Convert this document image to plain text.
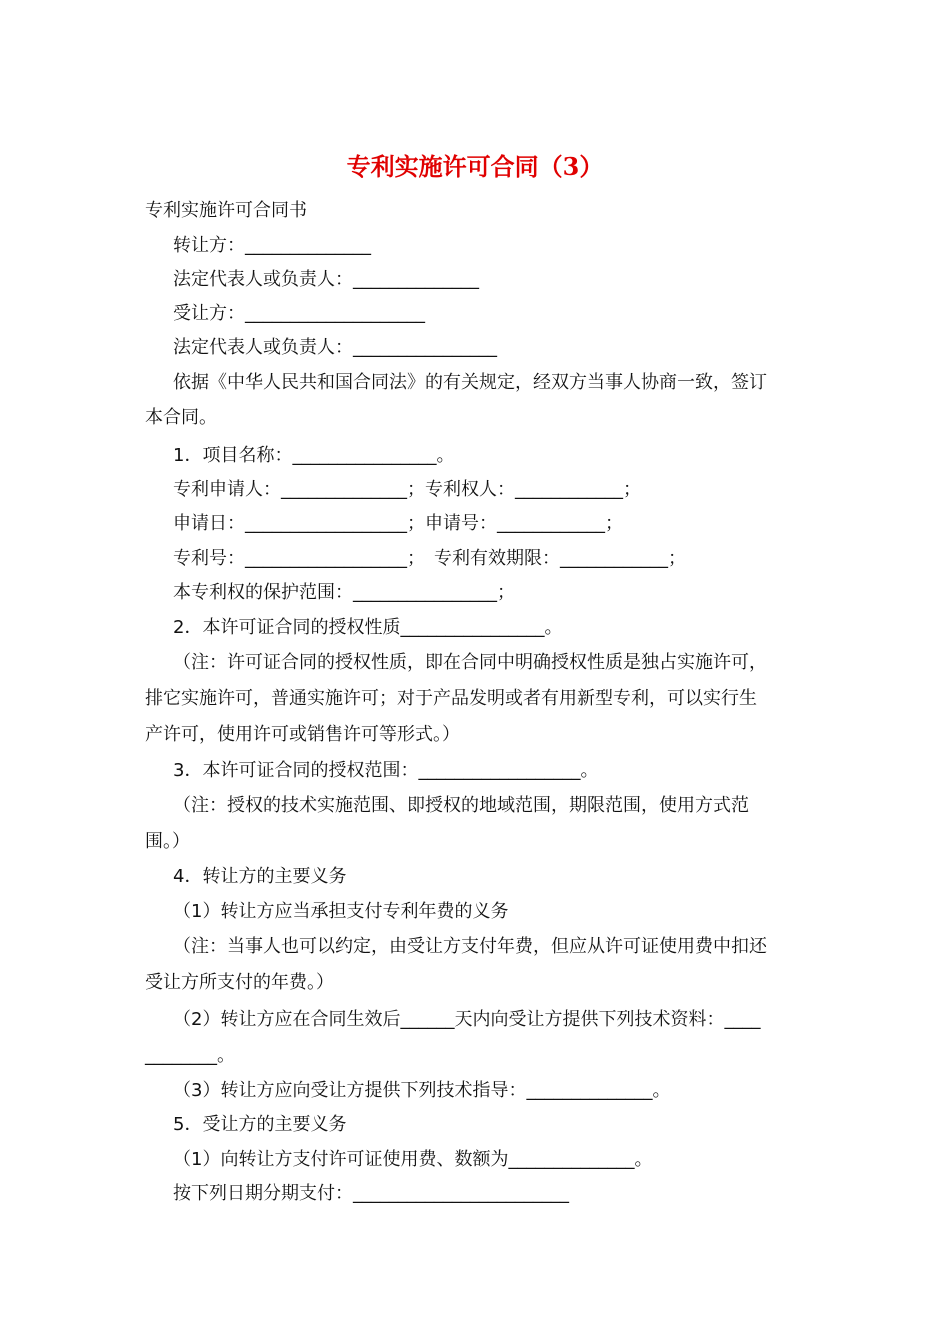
专利实施许可合同（3）
专利实施许可合同书
转让方：______________
法定代表人或负责人：______________
受让方：____________________
法定代表人或负责人：________________
依据《中华人民共和国合同法》的有关规定，经双方当事人协商一致，签订
本合同。
1．项目名称：________________。
专利申请人：______________；专利权人：____________；
申请日：__________________；申请号：____________；
专利号：__________________；　专利有效期限：____________；
本专利权的保护范围：________________；
2．本许可证合同的授权性质________________。
（注：许可证合同的授权性质，即在合同中明确授权性质是独占实施许可，
排它实施许可，普通实施许可；对于产品发明或者有用新型专利，可以实行生
产许可，使用许可或销售许可等形式。）
3．本许可证合同的授权范围：__________________。
（注：授权的技术实施范围、即授权的地域范围，期限范围，使用方式范
围。）
4．转让方的主要义务
（1）转让方应当承担支付专利年费的义务
（注：当事人也可以约定，由受让方支付年费，但应从许可证使用费中扣还
受让方所支付的年费。）
（2）转让方应在合同生效后______天内向受让方提供下列技术资料：____
________。
（3）转让方应向受让方提供下列技术指导：______________。
5．受让方的主要义务
（1）向转让方支付许可证使用费、数额为______________。
按下列日期分期支付：________________________
